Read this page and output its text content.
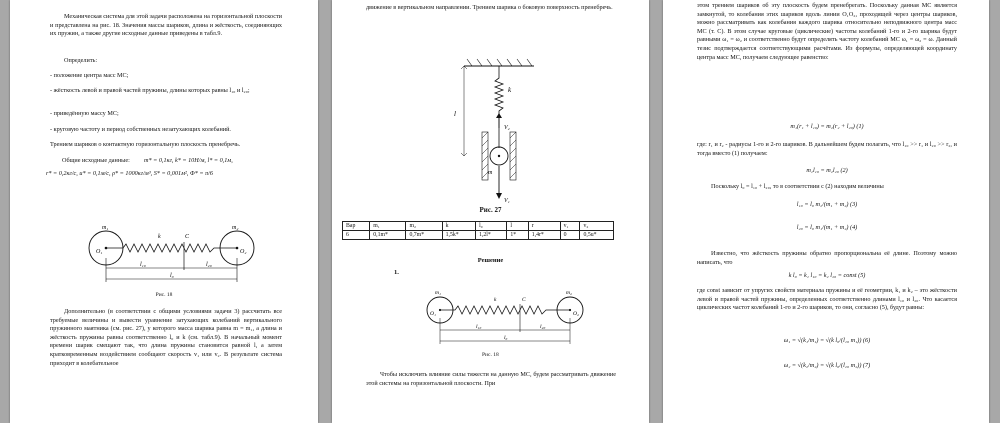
Механическая система для этой задачи расположена на горизонтальной плоскости и представлена на рис. 18. Значения массы шариков, длина и жёсткость, соединяющих их пружин, а также другие исходные данные приведены в табл.9.

Определить:

- положение центра масс МС;

- жёсткость левой и правой частей пружины, длины которых равны l₁₀ и l₂₀;

- приведённую массу МС;

- круговую частоту и период собственных незатухающих колебаний.

Трением шариков о контактную горизонтальную плоскость пренебречь.

Общие исходные данные:	m* = 0,1кг, k* = 10Н/м, l* = 0,1м,

r* = 0,2кг/с, u* = 0,1м/с, ρ* = 1000кг/м³, S* = 0,001м², Φ* = π/6

m₁	m₂
O₁	O₂
k	C
l₁₀	l₂₀
l₀

Рис. 18

Дополнительно (в соответствии с общими условиями задачи 3) рассчитать все требуемые величины и вывести уравнение затухающих колебаний вертикального пружинного маятника (см. рис. 27), у которого масса шарика равна m = m₁, а длина и жёсткость пружины равны соответственно l₀ и k (см. табл.9). В начальный момент времени шарик смещают так, что длина пружины становится равной l, а затем кратковременным воздействием сообщают скорость v₁ или v₂. В результате система приходит в колебательное

движение в вертикальном направлении. Трением шарика о боковую поверхность пренебречь.

k
l
V₂
m
V₁

Рис. 27

Вар	m₁	m₂	k	l₀	l	r	v₁	v₂
6	0,1m*	0,7m*	1,5k*	1,2l*	1*	1,4r*	0	0,5u*

Решение

1.

m₁	m₂
O₁	O₂
k	C
l₁₀	l₂₀
l₀

Рис. 18

Чтобы исключить влияние силы тяжести на данную МС, будем рассматривать движение этой системы на горизонтальной плоскости. При

этом трением шариков об эту плоскость будем пренебрегать. Поскольку данная МС является замкнутой, то колебания этих шариков вдоль линии O₁O₂, проходящей через центры шариков, можно рассматривать как колебания каждого шарика относительно неподвижного центра масс МС (т. С). В этом случае круговые (циклические) частоты колебаний 1-го и 2-го шарика будут равными ω₁ = ω₂ и соответственно будут определять частоту колебаний МС ω₁ = ω₂ = ω. Данный тезис подтверждается соответствующими расчётами. Из формулы, определяющей координату центра масс МС, получаем следующее равенство:

m₁(r₁ + l₁₀) = m₂(r₂ + l₂₀) (1)

где: r₁ и r₂ - радиусы 1-го и 2-го шариков. В дальнейшем будем полагать, что l₁₀ >> r₁ и l₂₀ >> r₂, и тогда вместо (1) получаем:

m₁l₁₀ = m₂l₂₀ (2)

Поскольку l₀ = l₁₀ + l₂₀, то в соответствии с (2) находим величины

l₁₀ = l₀ m₂/(m₁ + m₂) (3)

l₂₀ = l₀ m₁/(m₁ + m₂) (4)

Известно, что жёсткость пружины обратно пропорциональна её длине. Поэтому можно написать, что

k l₀ = k₁ l₁₀ = k₂ l₂₀ = const (5)

где const зависит от упругих свойств материала пружины и её геометрии, k₁ и k₂ – это жёсткости левой и правой частей пружины, определенных соответственно длинами l₁₀ и l₂₀. Что касается циклических частот колебаний 1-го и 2-го шариков, то они, согласно (5), будут равны:

ω₁ = √(k₁/m₁) = √(k l₀/(l₁₀ m₁)) (6)

ω₂ = √(k₂/m₂) = √(k l₀/(l₂₀ m₂)) (7)
